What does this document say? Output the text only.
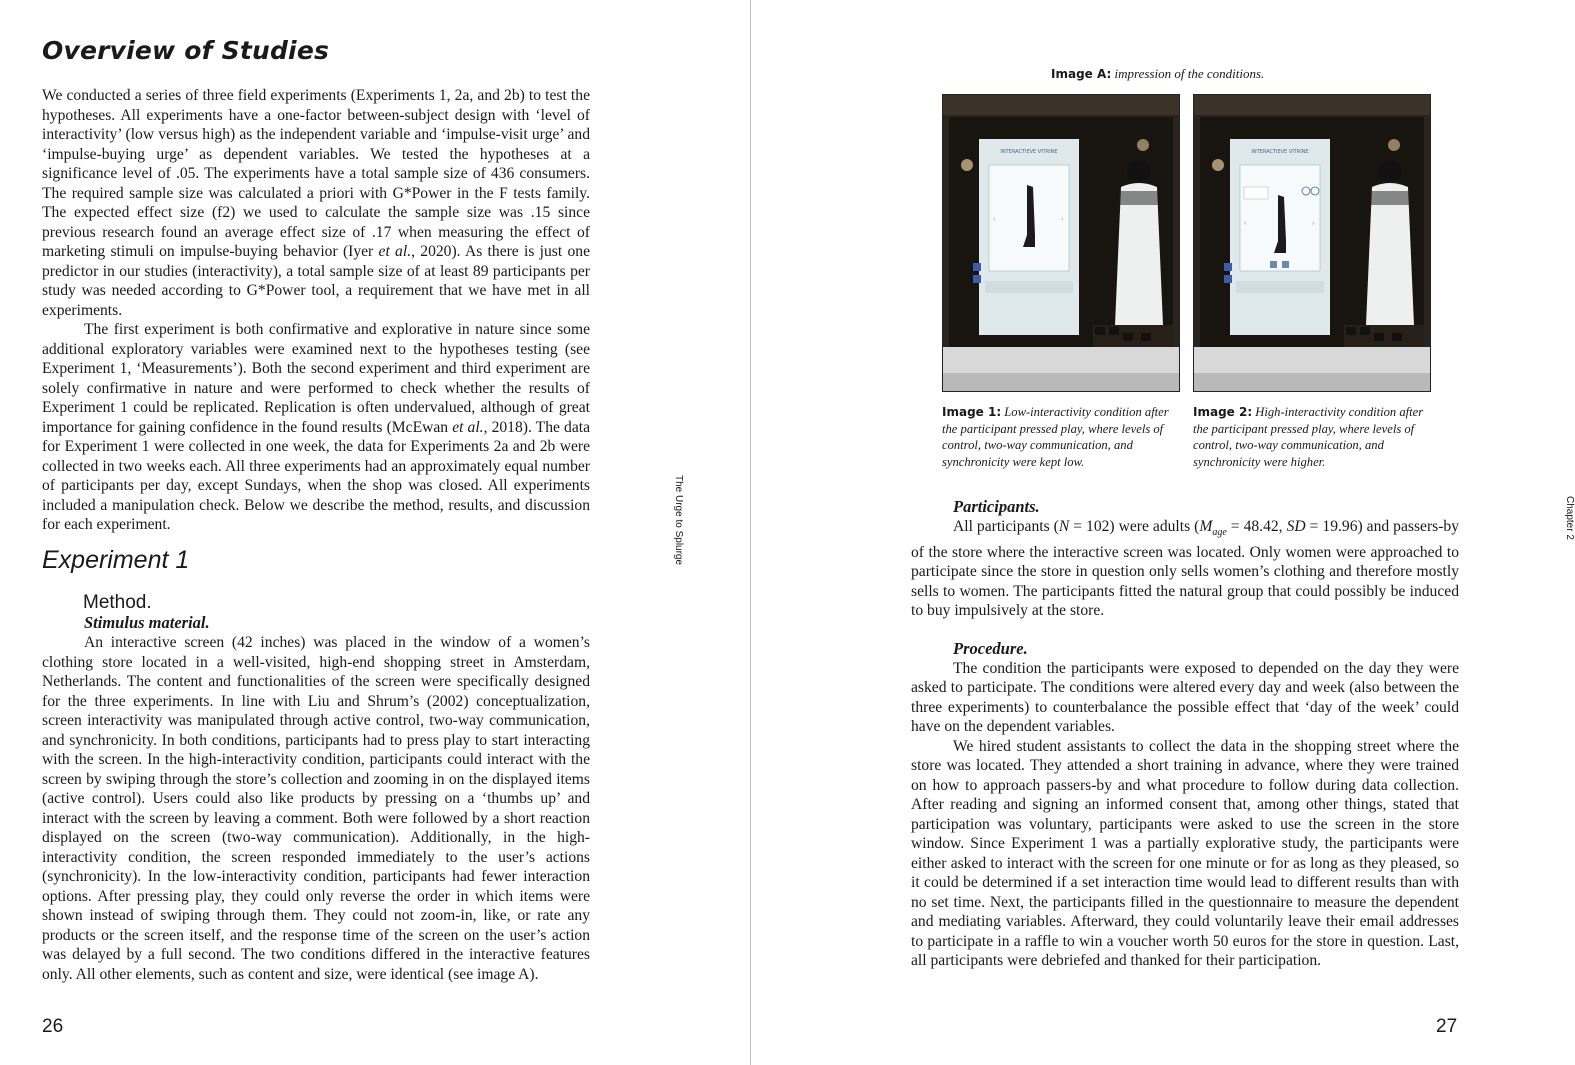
Overview of Studies

We conducted a series of three field experiments (Experiments 1, 2a, and 2b) to test the hypotheses. All experiments have a one-factor between-subject design with ‘level of interactivity’ (low versus high) as the independent variable and ‘impulse-visit urge’ and ‘impulse-buying urge’ as dependent variables. We tested the hypotheses at a significance level of .05. The experiments have a total sample size of 436 consumers. The required sample size was calculated a priori with G*Power in the F tests family. The expected effect size (f2) we used to calculate the sample size was .15 since previous research found an average effect size of .17 when measuring the effect of marketing stimuli on impulse-buying behavior (Iyer et al., 2020). As there is just one predictor in our studies (interactivity), a total sample size of at least 89 participants per study was needed according to G*Power tool, a requirement that we have met in all experiments.

The first experiment is both confirmative and explorative in nature since some additional exploratory variables were examined next to the hypotheses testing (see Experiment 1, ‘Measurements’). Both the second experiment and third experiment are solely confirmative in nature and were performed to check whether the results of Experiment 1 could be replicated. Replication is often undervalued, although of great importance for gaining confidence in the found results (McEwan et al., 2018). The data for Experiment 1 were collected in one week, the data for Experiments 2a and 2b were collected in two weeks each. All three experiments had an approximately equal number of participants per day, except Sundays, when the shop was closed. All experiments included a manipulation check. Below we describe the method, results, and discussion for each experiment.

Experiment 1
Method.

Stimulus material.

An interactive screen (42 inches) was placed in the window of a women’s clothing store located in a well-visited, high-end shopping street in Amsterdam, Netherlands. The content and functionalities of the screen were specifically designed for the three experiments. In line with Liu and Shrum’s (2002) conceptualization, screen interactivity was manipulated through active control, two-way communication, and synchronicity. In both conditions, participants had to press play to start interacting with the screen. In the high-interactivity condition, participants could interact with the screen by swiping through the store’s collection and zooming in on the displayed items (active control). Users could also like products by pressing on a ‘thumbs up’ and interact with the screen by leaving a comment. Both were followed by a short reaction displayed on the screen (two-way communication). Additionally, in the high-interactivity condition, the screen responded immediately to the user’s actions (synchronicity). In the low-interactivity condition, participants had fewer interaction options. After pressing play, they could only reverse the order in which items were shown instead of swiping through them. They could not zoom-in, like, or rate any products or the screen itself, and the response time of the screen on the user’s action was delayed by a full second. The two conditions differed in the interactive features only. All other elements, such as content and size, were identical (see image A).

The Urge to Splurge
26

Image A: impression of the conditions.

INTERACTIEVE VITRINE
‹	›
INTERACTIEVE VITRINE
‹	›

Image 1: Low-interactivity condition after the participant pressed play, where levels of control, two-way communication, and synchronicity were kept low.

Image 2: High-interactivity condition after the participant pressed play, where levels of control, two-way communication, and synchronicity were higher.

Participants.

All participants (N = 102) were adults ($M_{age} = 48.42$, SD = 19.96) and passers-by of the store where the interactive screen was located. Only women were approached to participate since the store in question only sells women’s clothing and therefore mostly sells to women. The participants fitted the natural group that could possibly be induced to buy impulsively at the store.

Procedure.

The condition the participants were exposed to depended on the day they were asked to participate. The conditions were altered every day and week (also between the three experiments) to counterbalance the possible effect that ‘day of the week’ could have on the dependent variables.

We hired student assistants to collect the data in the shopping street where the store was located. They attended a short training in advance, where they were trained on how to approach passers-by and what procedure to follow during data collection. After reading and signing an informed consent that, among other things, stated that participation was voluntary, participants were asked to use the screen in the store window. Since Experiment 1 was a partially explorative study, the participants were either asked to interact with the screen for one minute or for as long as they pleased, so it could be determined if a set interaction time would lead to different results than with no set time. Next, the participants filled in the questionnaire to measure the dependent and mediating variables. Afterward, they could voluntarily leave their email addresses to participate in a raffle to win a voucher worth 50 euros for the store in question. Last, all participants were debriefed and thanked for their participation.

Chapter 2
27
